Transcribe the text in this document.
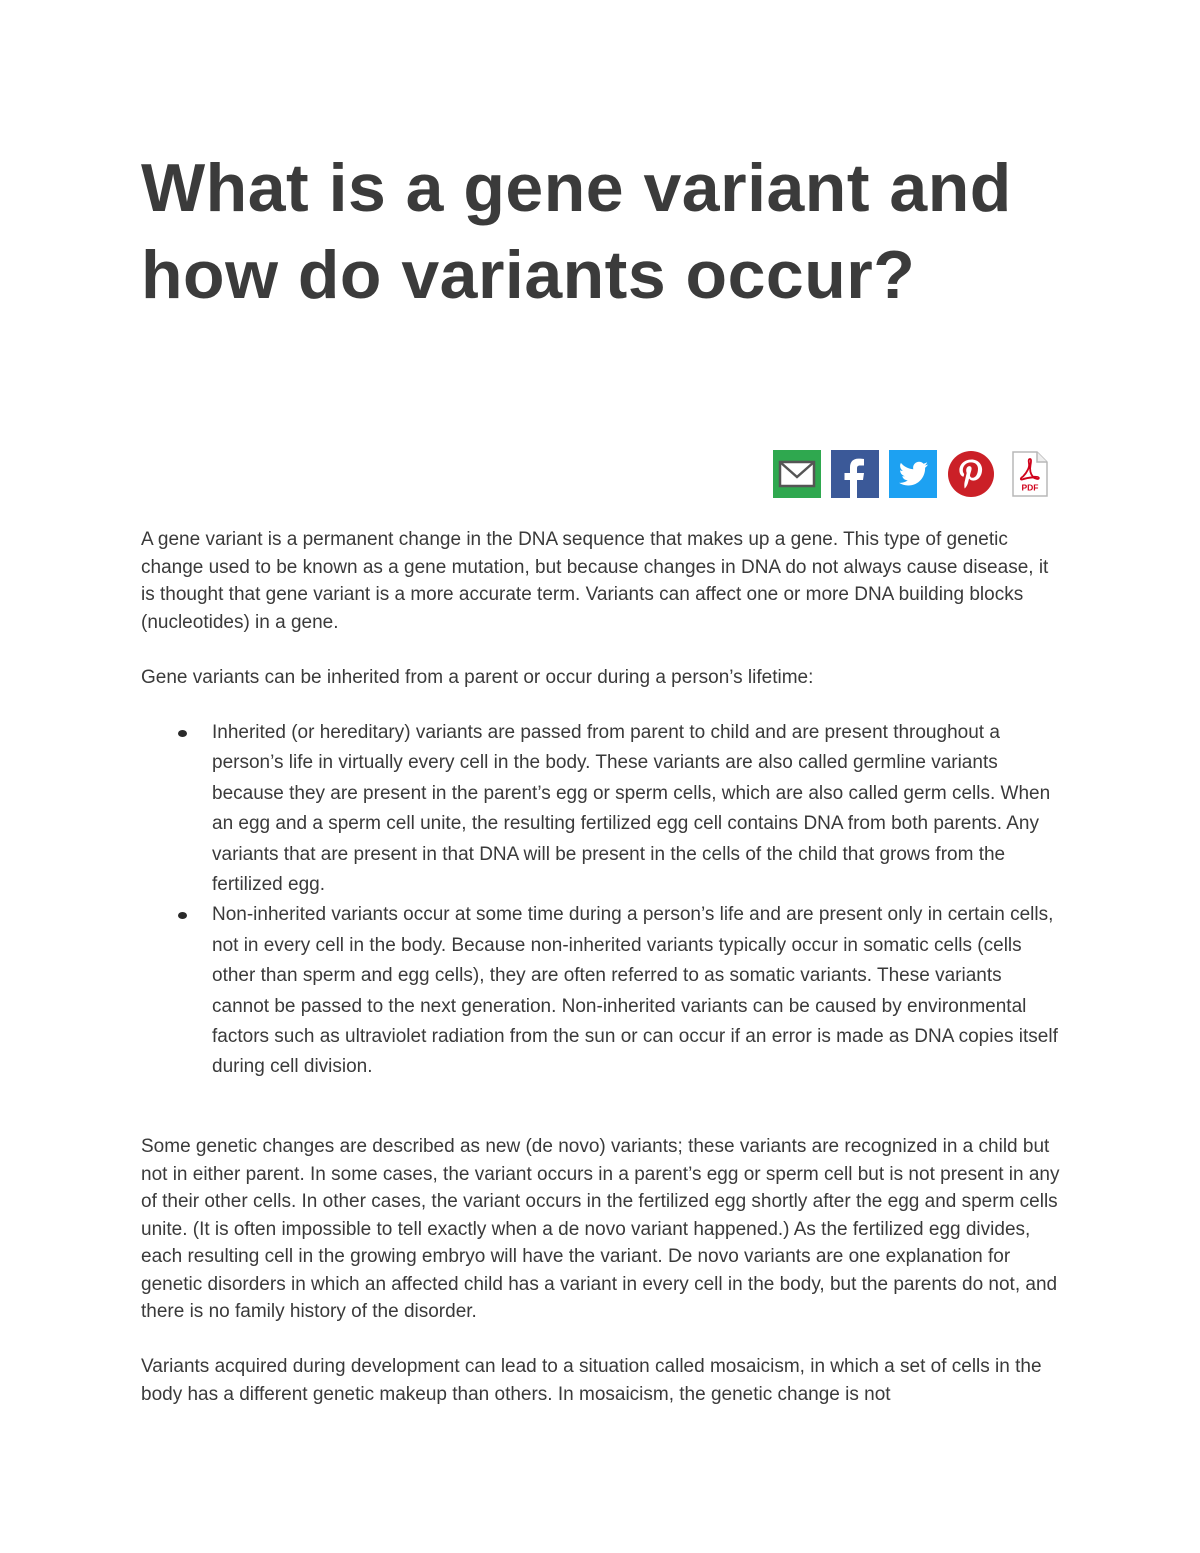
What is a gene variant and how do variants occur?
PDF

A gene variant is a permanent change in the DNA sequence that makes up a gene. This type of genetic change used to be known as a gene mutation, but because changes in DNA do not always cause disease, it is thought that gene variant is a more accurate term. Variants can affect one or more DNA building blocks (nucleotides) in a gene.

Gene variants can be inherited from a parent or occur during a person’s lifetime:

Inherited (or hereditary) variants are passed from parent to child and are present throughout a person’s life in virtually every cell in the body. These variants are also called germline variants because they are present in the parent’s egg or sperm cells, which are also called germ cells. When an egg and a sperm cell unite, the resulting fertilized egg cell contains DNA from both parents. Any variants that are present in that DNA will be present in the cells of the child that grows from the fertilized egg.
Non-inherited variants occur at some time during a person’s life and are present only in certain cells, not in every cell in the body. Because non-inherited variants typically occur in somatic cells (cells other than sperm and egg cells), they are often referred to as somatic variants. These variants cannot be passed to the next generation. Non-inherited variants can be caused by environmental factors such as ultraviolet radiation from the sun or can occur if an error is made as DNA copies itself during cell division.

Some genetic changes are described as new (de novo) variants; these variants are recognized in a child but not in either parent. In some cases, the variant occurs in a parent’s egg or sperm cell but is not present in any of their other cells. In other cases, the variant occurs in the fertilized egg shortly after the egg and sperm cells unite. (It is often impossible to tell exactly when a de novo variant happened.) As the fertilized egg divides, each resulting cell in the growing embryo will have the variant. De novo variants are one explanation for genetic disorders in which an affected child has a variant in every cell in the body, but the parents do not, and there is no family history of the disorder.

Variants acquired during development can lead to a situation called mosaicism, in which a set of cells in the body has a different genetic makeup than others. In mosaicism, the genetic change is not
